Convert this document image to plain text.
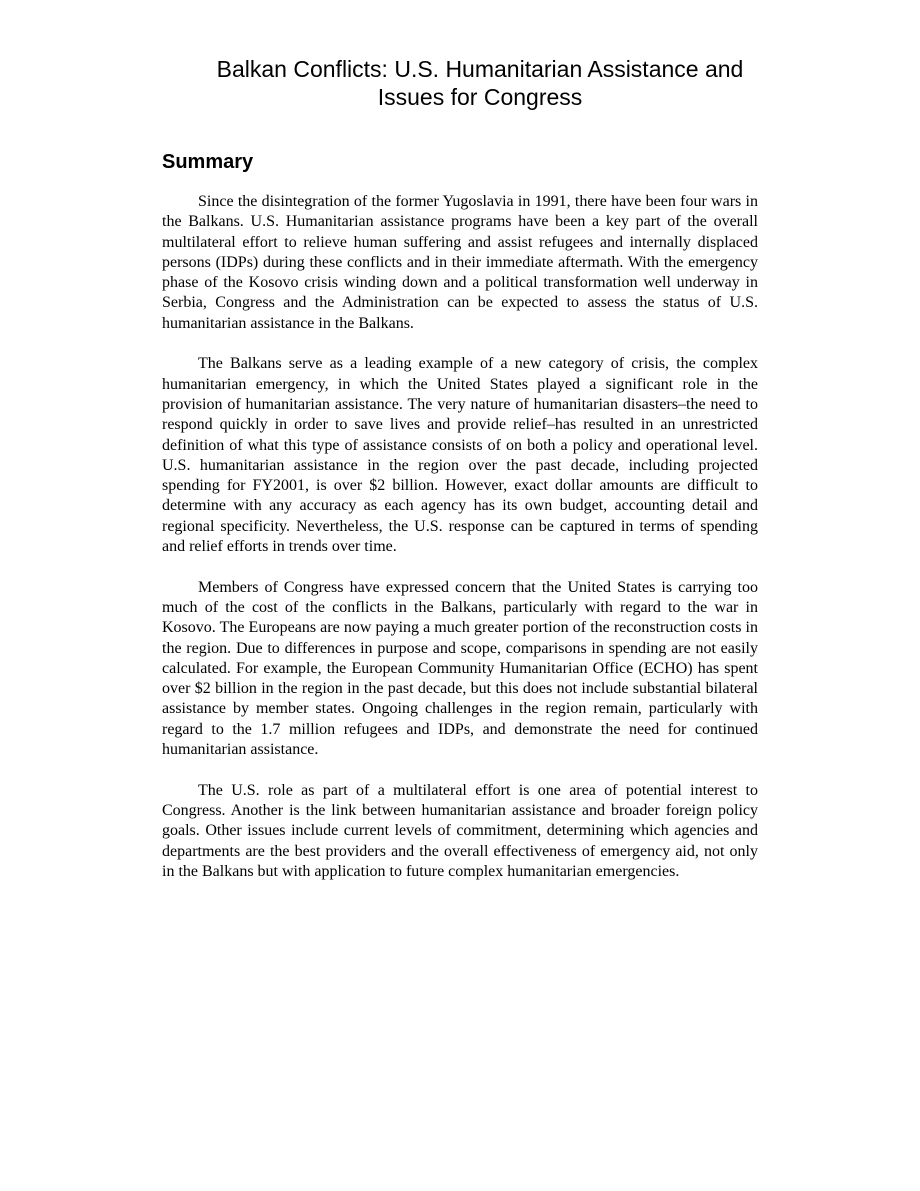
Balkan Conflicts: U.S. Humanitarian Assistance and
Issues for Congress
Summary

Since the disintegration of the former Yugoslavia in 1991, there have been four wars in the Balkans. U.S. Humanitarian assistance programs have been a key part of the overall multilateral effort to relieve human suffering and assist refugees and internally displaced persons (IDPs) during these conflicts and in their immediate aftermath. With the emergency phase of the Kosovo crisis winding down and a political transformation well underway in Serbia, Congress and the Administration can be expected to assess the status of U.S. humanitarian assistance in the Balkans.

The Balkans serve as a leading example of a new category of crisis, the complex humanitarian emergency, in which the United States played a significant role in the provision of humanitarian assistance. The very nature of humanitarian disasters–the need to respond quickly in order to save lives and provide relief–has resulted in an unrestricted definition of what this type of assistance consists of on both a policy and operational level. U.S. humanitarian assistance in the region over the past decade, including projected spending for FY2001, is over $2 billion. However, exact dollar amounts are difficult to determine with any accuracy as each agency has its own budget, accounting detail and regional specificity. Nevertheless, the U.S. response can be captured in terms of spending and relief efforts in trends over time.

Members of Congress have expressed concern that the United States is carrying too much of the cost of the conflicts in the Balkans, particularly with regard to the war in Kosovo. The Europeans are now paying a much greater portion of the reconstruction costs in the region. Due to differences in purpose and scope, comparisons in spending are not easily calculated. For example, the European Community Humanitarian Office (ECHO) has spent over $2 billion in the region in the past decade, but this does not include substantial bilateral assistance by member states. Ongoing challenges in the region remain, particularly with regard to the 1.7 million refugees and IDPs, and demonstrate the need for continued humanitarian assistance.

The U.S. role as part of a multilateral effort is one area of potential interest to Congress. Another is the link between humanitarian assistance and broader foreign policy goals. Other issues include current levels of commitment, determining which agencies and departments are the best providers and the overall effectiveness of emergency aid, not only in the Balkans but with application to future complex humanitarian emergencies.
